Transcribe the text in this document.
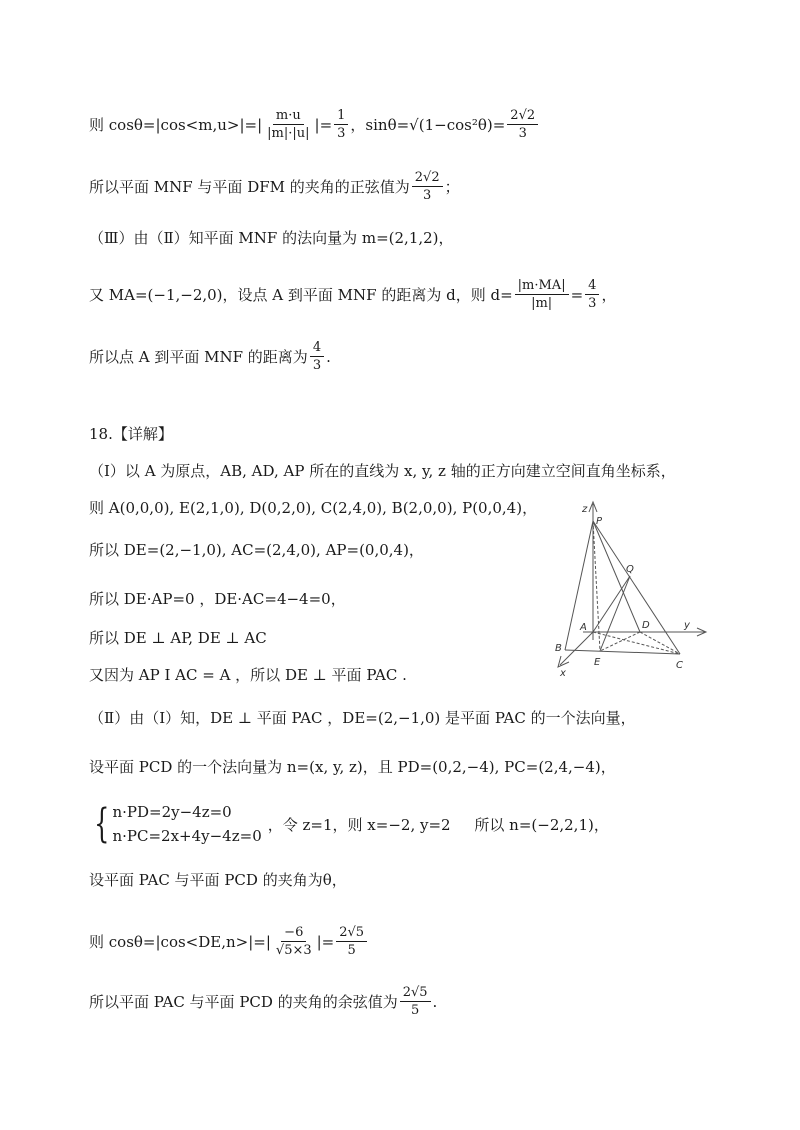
则 $\cos\theta=|\cos<m,u>|=| \frac{m\cdot u}{|m|\cdot|u|}$ |= $\frac{1}{3}$ ，$\sin\theta=√(1-\cos^2\theta)= \frac{2√2}{3}$
所以平面 MNF 与平面 DFM 的夹角的正弦值为 $\frac{2√2}{3}$ ；
（Ⅲ）由（Ⅱ）知平面 MNF 的法向量为 m=(2,1,2)，
又 MA=(−1,−2,0)，设点 A 到平面 MNF 的距离为 d，则 $d= \frac{|m\cdot MA|}{|m|} = \frac{4}{3}$ ，
所以点 A 到平面 MNF 的距离为 $\frac{4}{3}$ .
18.【详解】
（Ⅰ）以 A 为原点，AB, AD, AP 所在的直线为 x, y, z 轴的正方向建立空间直角坐标系，
则 A(0,0,0), E(2,1,0), D(0,2,0), C(2,4,0), B(2,0,0), P(0,0,4)，
所以 DE=(2,−1,0), AC=(2,4,0), AP=(0,0,4)，
所以 DE·AP=0 ，DE·AC=4−4=0，
所以 DE ⊥ AP, DE ⊥ AC
又因为 AP I AC = A ，所以 DE ⊥ 平面 PAC .
（Ⅱ）由（Ⅰ）知，DE ⊥ 平面 PAC ，DE=(2,−1,0) 是平面 PAC 的一个法向量，
设平面 PCD 的一个法向量为 n=(x, y, z)，且 PD=(0,2,−4), PC=(2,4,−4)，
{ n·PD=2y−4z=0
n·PC=2x+4y−4z=0
，令 z=1，则 x=−2, y=2     所以 n=(−2,2,1)，
设平面 PAC 与平面 PCD 的夹角为θ，
则 $\cos\theta=|\cos<DE,n>|=| \frac{-6}{√5\times 3}$ |= $\frac{2√5}{5}$
所以平面 PAC 与平面 PCD 的夹角的余弦值为 $\frac{2√5}{5}$ .
z
P
Q
A	D	y
B
x
E	C
